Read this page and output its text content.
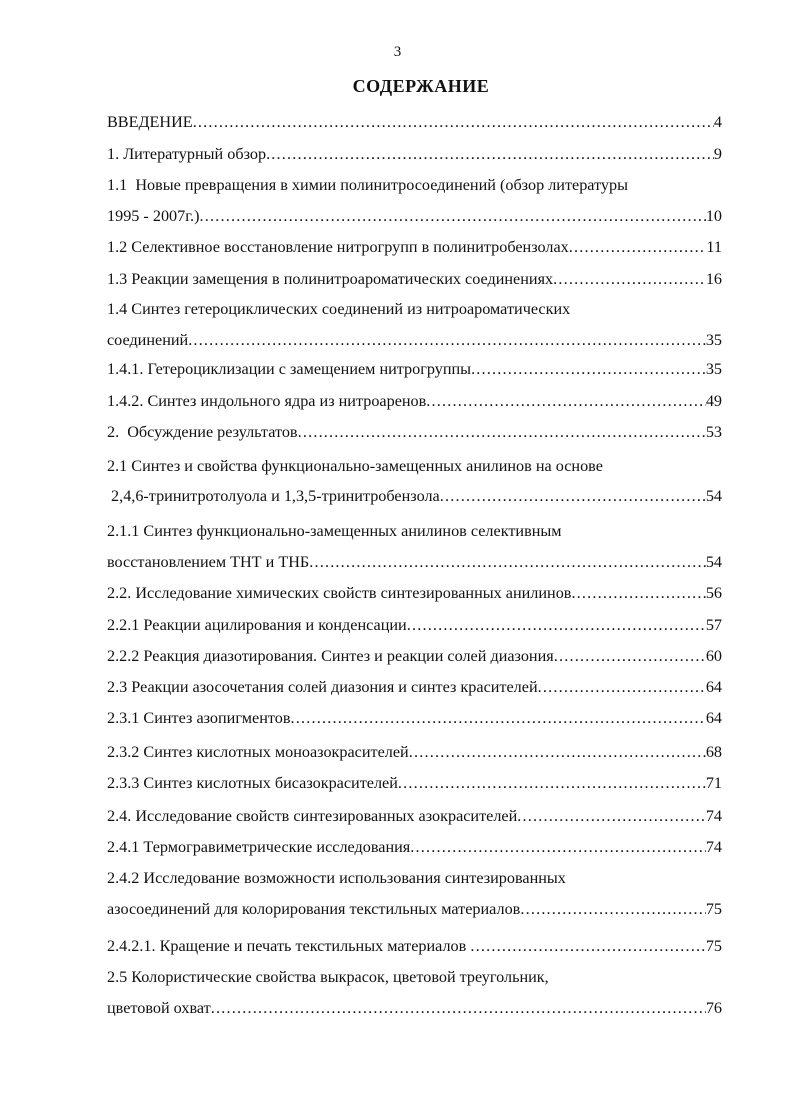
3
СОДЕРЖАНИЕ
ВВЕДЕНИЕ .....	4
1. Литературный обзор .....	9
1.1  Новые превращения в химии полинитросоединений (обзор литературы
1995 - 2007г.) .....	10
1.2 Селективное восстановление нитрогрупп в полинитробензолах .....	11
1.3 Реакции замещения в полинитроароматических соединениях .....	16
1.4 Синтез гетероциклических соединений из нитроароматических
соединений .....	35
1.4.1. Гетероциклизации с замещением нитрогруппы .....	35
1.4.2. Синтез индольного ядра из нитроаренов .....	49
2.  Обсуждение результатов .....	53
2.1 Синтез и свойства функционально-замещенных анилинов на основе
2,4,6-тринитротолуола и 1,3,5-тринитробензола .....	54
2.1.1 Синтез функционально-замещенных анилинов селективным
восстановлением ТНТ и ТНБ .....	54
2.2. Исследование химических свойств синтезированных анилинов .....	56
2.2.1 Реакции ацилирования и конденсации .....	57
2.2.2 Реакция диазотирования. Синтез и реакции солей диазония .....	60
2.3 Реакции азосочетания солей диазония и синтез красителей .....	64
2.3.1 Синтез азопигментов .....	64
2.3.2 Синтез кислотных моноазокрасителей .....	68
2.3.3 Синтез кислотных бисазокрасителей .....	71
2.4. Исследование свойств синтезированных азокрасителей .....	74
2.4.1 Термогравиметрические исследования .....	74
2.4.2 Исследование возможности использования синтезированных
азосоединений для колорирования текстильных материалов .....	75
2.4.2.1. Кращение и печать текстильных материалов .....	75
2.5 Колористические свойства выкрасок, цветовой треугольник,
цветовой охват .....	76
